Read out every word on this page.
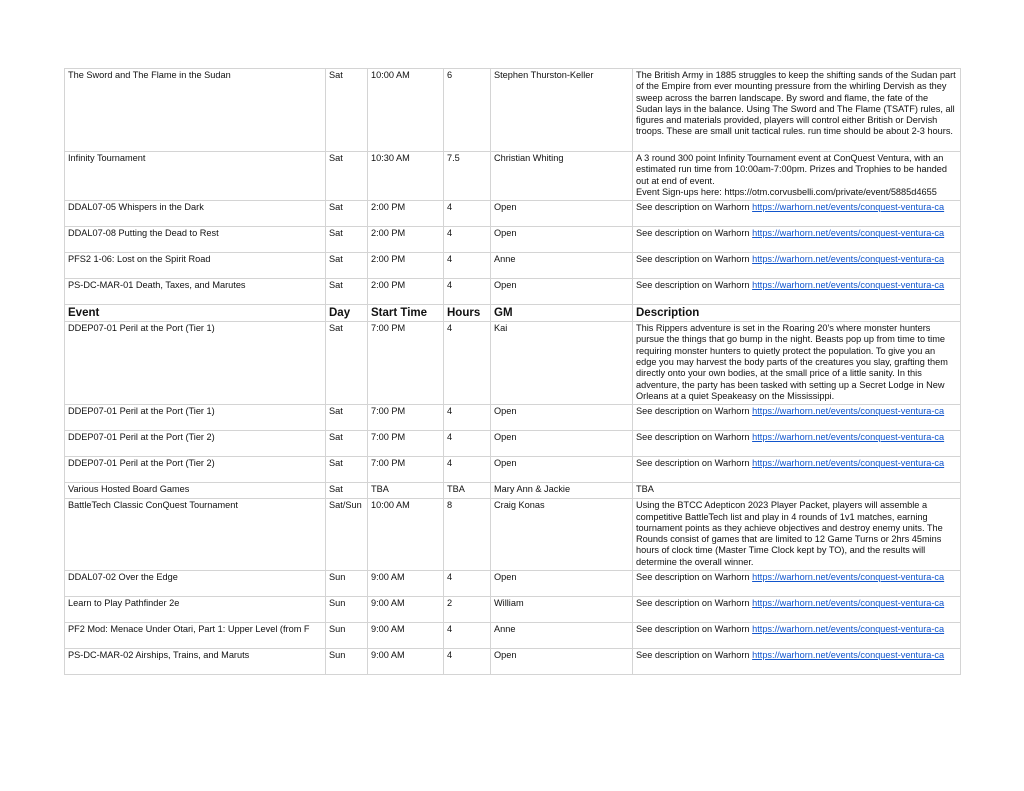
The Sword and The Flame in the Sudan	Sat	10:00 AM	6	Stephen Thurston-Keller	The British Army in 1885 struggles to keep the shifting sands of the Sudan part of the Empire from ever mounting pressure from the whirling Dervish as they sweep across the barren landscape. By sword and flame, the fate of the Sudan lays in the balance. Using The Sword and The Flame (TSATF) rules, all figures and materials provided, players will control either British or Dervish troops. These are small unit tactical rules. run time should be about 2-3 hours.
Infinity Tournament	Sat	10:30 AM	7.5	Christian Whiting	A 3 round 300 point Infinity Tournament event at ConQuest Ventura, with an estimated run time from 10:00am-7:00pm. Prizes and Trophies to be handed out at end of event.
Event Sign-ups here: https://otm.corvusbelli.com/private/event/5885d4655

DDAL07-05 Whispers in the Dark	Sat	2:00 PM	4	Open	See description on Warhorn https://warhorn.net/events/conquest-ventura-ca
DDAL07-08 Putting the Dead to Rest	Sat	2:00 PM	4	Open	See description on Warhorn https://warhorn.net/events/conquest-ventura-ca
PFS2 1-06: Lost on the Spirit Road	Sat	2:00 PM	4	Anne	See description on Warhorn https://warhorn.net/events/conquest-ventura-ca
PS-DC-MAR-01 Death, Taxes, and Marutes	Sat	2:00 PM	4	Open	See description on Warhorn https://warhorn.net/events/conquest-ventura-ca
Event	Day	Start Time	Hours	GM	Description
DDEP07-01 Peril at the Port (Tier 1)	Sat	7:00 PM	4	Kai	This Rippers adventure is set in the Roaring 20's where monster hunters pursue the things that go bump in the night. Beasts pop up from time to time requiring monster hunters to quietly protect the population. To give you an edge you may harvest the body parts of the creatures you slay, grafting them directly onto your own bodies, at the small price of a little sanity. In this adventure, the party has been tasked with setting up a Secret Lodge in New Orleans at a quiet Speakeasy on the Mississippi.
DDEP07-01 Peril at the Port (Tier 1)	Sat	7:00 PM	4	Open	See description on Warhorn https://warhorn.net/events/conquest-ventura-ca
DDEP07-01 Peril at the Port (Tier 2)	Sat	7:00 PM	4	Open	See description on Warhorn https://warhorn.net/events/conquest-ventura-ca
DDEP07-01 Peril at the Port (Tier 2)	Sat	7:00 PM	4	Open	See description on Warhorn https://warhorn.net/events/conquest-ventura-ca
Various Hosted Board Games	Sat	TBA	TBA	Mary Ann & Jackie	TBA
BattleTech Classic ConQuest Tournament	Sat/Sun	10:00 AM	8	Craig Konas	Using the BTCC Adepticon 2023 Player Packet, players will assemble a competitive BattleTech list and play in 4 rounds of 1v1 matches, earning tournament points as they achieve objectives and destroy enemy units. The Rounds consist of games that are limited to 12 Game Turns or 2hrs 45mins hours of clock time (Master Time Clock kept by TO), and the results will determine the overall winner.
DDAL07-02 Over the Edge	Sun	9:00 AM	4	Open	See description on Warhorn https://warhorn.net/events/conquest-ventura-ca
Learn to Play Pathfinder 2e	Sun	9:00 AM	2	William	See description on Warhorn https://warhorn.net/events/conquest-ventura-ca
PF2 Mod: Menace Under Otari, Part 1: Upper Level (from F	Sun	9:00 AM	4	Anne	See description on Warhorn https://warhorn.net/events/conquest-ventura-ca
PS-DC-MAR-02 Airships, Trains, and Maruts	Sun	9:00 AM	4	Open	See description on Warhorn https://warhorn.net/events/conquest-ventura-ca
